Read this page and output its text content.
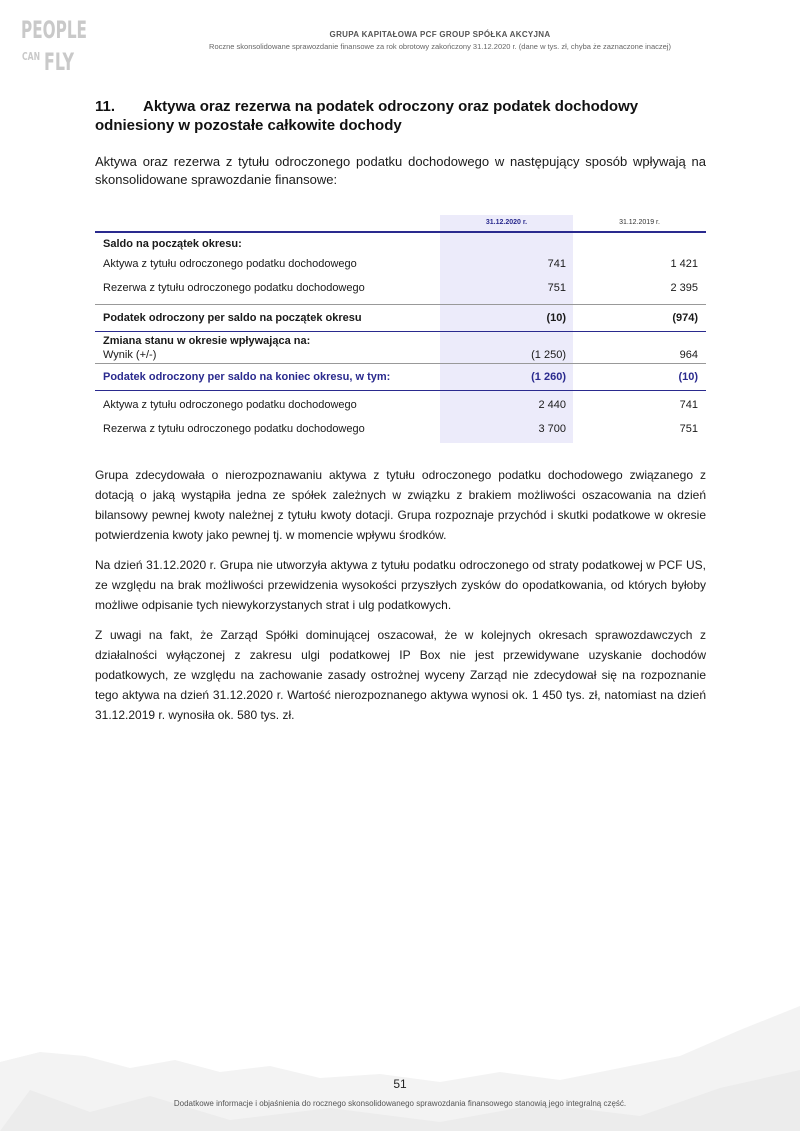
PEOPLE
CAN FLY
GRUPA KAPITAŁOWA PCF GROUP SPÓŁKA AKCYJNA
Roczne skonsolidowane sprawozdanie finansowe za rok obrotowy zakończony 31.12.2020 r. (dane w tys. zł, chyba że zaznaczone inaczej)
11. Aktywa oraz rezerwa na podatek odroczony oraz podatek dochodowy
odniesiony w pozostałe całkowite dochody
Aktywa oraz rezerwa z tytułu odroczonego podatku dochodowego w następujący sposób wpływają na skonsolidowane sprawozdanie finansowe:
31.12.2020 r.	31.12.2019 r.
Saldo na początek okresu:
Aktywa z tytułu odroczonego podatku dochodowego	741	1 421
Rezerwa z tytułu odroczonego podatku dochodowego	751	2 395
Podatek odroczony per saldo na początek okresu	(10)	(974)
Zmiana stanu w okresie wpływająca na:
Wynik (+/-)	(1 250)	964
Podatek odroczony per saldo na koniec okresu, w tym:	(1 260)	(10)
Aktywa z tytułu odroczonego podatku dochodowego	2 440	741
Rezerwa z tytułu odroczonego podatku dochodowego	3 700	751

Grupa zdecydowała o nierozpoznawaniu aktywa z tytułu odroczonego podatku dochodowego związanego z dotacją o jaką wystąpiła jedna ze spółek zależnych w związku z brakiem możliwości oszacowania na dzień bilansowy pewnej kwoty należnej z tytułu kwoty dotacji. Grupa rozpoznaje przychód i skutki podatkowe w okresie potwierdzenia kwoty jako pewnej tj. w momencie wpływu środków.

Na dzień 31.12.2020 r. Grupa nie utworzyła aktywa z tytułu podatku odroczonego od straty podatkowej w PCF US, ze względu na brak możliwości przewidzenia wysokości przyszłych zysków do opodatkowania, od których byłoby możliwe odpisanie tych niewykorzystanych strat i ulg podatkowych.

Z uwagi na fakt, że Zarząd Spółki dominującej oszacował, że w kolejnych okresach sprawozdawczych z działalności wyłączonej z zakresu ulgi podatkowej IP Box nie jest przewidywane uzyskanie dochodów podatkowych, ze względu na zachowanie zasady ostrożnej wyceny Zarząd nie zdecydował się na rozpoznanie tego aktywa na dzień 31.12.2020 r. Wartość nierozpoznanego aktywa wynosi ok. 1 450 tys. zł, natomiast na dzień 31.12.2019 r. wynosiła ok. 580 tys. zł.

51
Dodatkowe informacje i objaśnienia do rocznego skonsolidowanego sprawozdania finansowego stanowią jego integralną część.
